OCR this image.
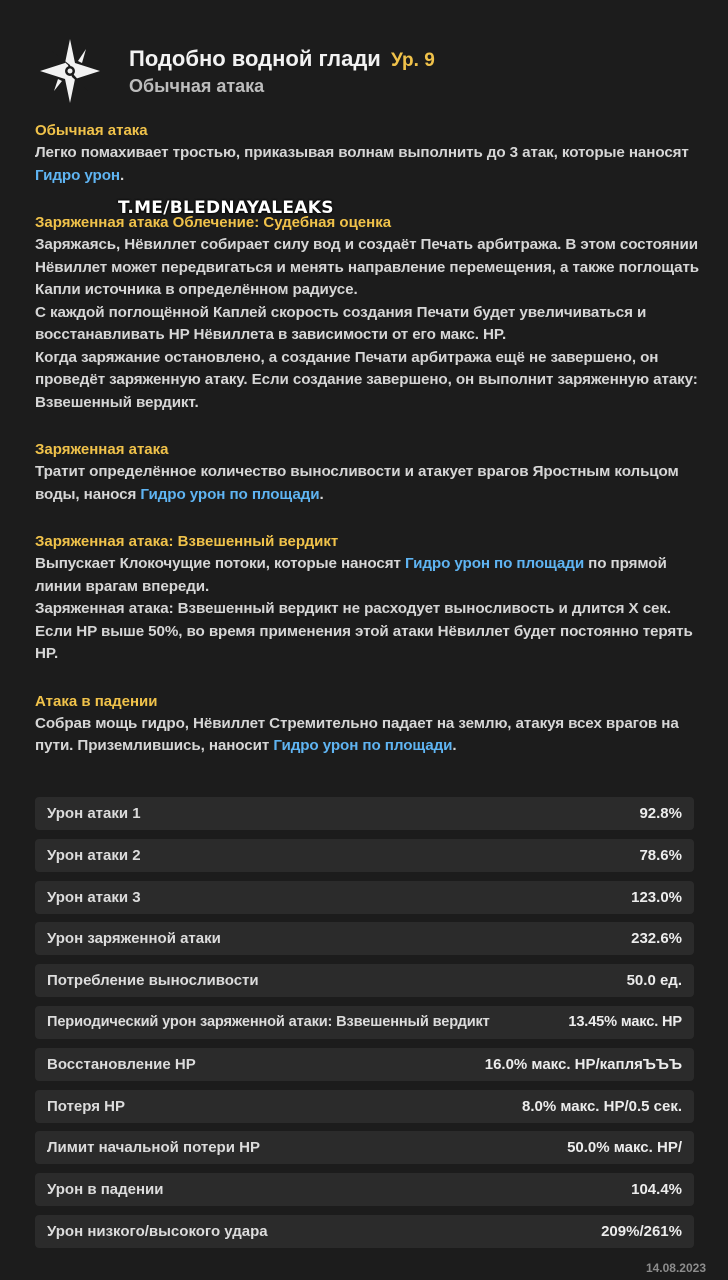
Подобно водной глади Ур. 9
Обычная атака
Обычная атака
Легко помахивает тростью, приказывая волнам выполнить до 3 атак, которые наносят Гидро урон.
Заряженная атака Облечение: Судебная оценка
Заряжаясь, Нёвиллет собирает силу вод и создаёт Печать арбитража. В этом состоянии Нёвиллет может передвигаться и менять направление перемещения, а также поглощать Капли источника в определённом радиусе.
С каждой поглощённой Каплей скорость создания Печати будет увеличиваться и восстанавливать HP Нёвиллета в зависимости от его макс. HP.
Когда заряжание остановлено, а создание Печати арбитража ещё не завершено, он проведёт заряженную атаку. Если создание завершено, он выполнит заряженную атаку: Взвешенный вердикт.
Заряженная атака
Тратит определённое количество выносливости и атакует врагов Яростным кольцом воды, нанося Гидро урон по площади.
Заряженная атака: Взвешенный вердикт
Выпускает Клокочущие потоки, которые наносят Гидро урон по площади по прямой линии врагам впереди.
Заряженная атака: Взвешенный вердикт не расходует выносливость и длится X сек.
Если HP выше 50%, во время применения этой атаки Нёвиллет будет постоянно терять HP.
Атака в падении
Собрав мощь гидро, Нёвиллет Стремительно падает на землю, атакуя всех врагов на пути. Приземлившись, наносит Гидро урон по площади.
T.ME/BLEDNAYALEAKS
Урон атаки 1	92.8%
Урон атаки 2	78.6%
Урон атаки 3	123.0%
Урон заряженной атаки	232.6%
Потребление выносливости	50.0 ед.
Периодический урон заряженной атаки: Взвешенный вердикт	13.45% макс. HP
Восстановление HP	16.0% макс. HP/капляЪЪЪ
Потеря HP	8.0% макс. HP/0.5 сек.
Лимит начальной потери HP	50.0% макс. HP/
Урон в падении	104.4%
Урон низкого/высокого удара	209%/261%
14.08.2023
